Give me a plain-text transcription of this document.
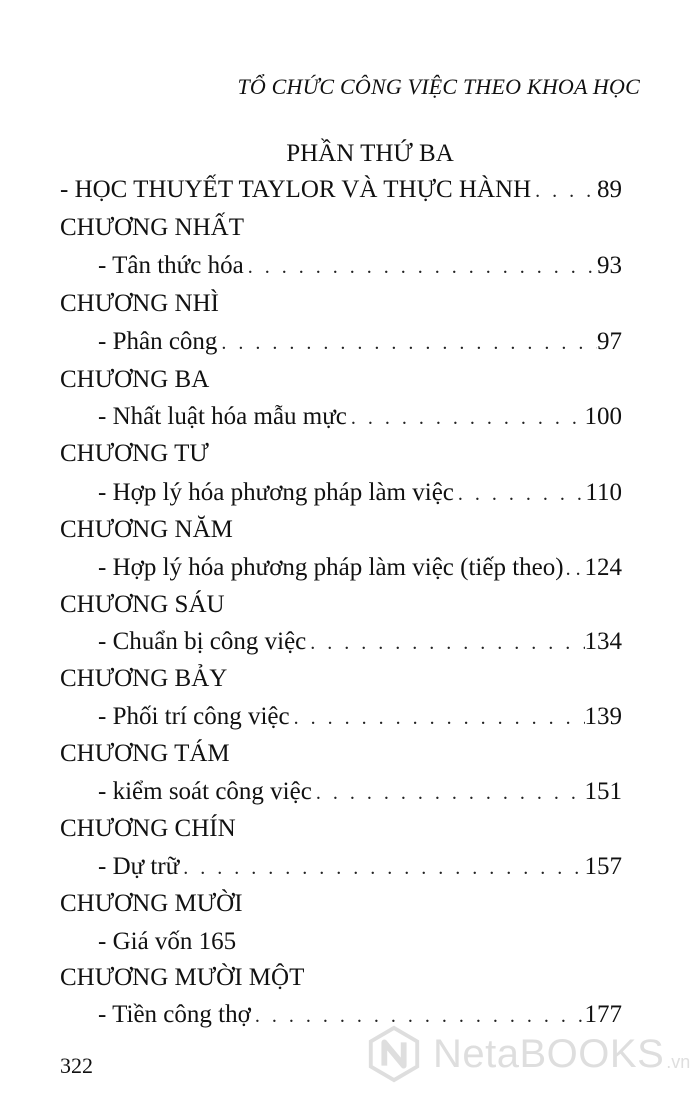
TỔ CHỨC CÔNG VIỆC THEO KHOA HỌC
PHẦN THỨ BA
- HỌC THUYẾT TAYLOR VÀ THỰC HÀNH . . .	89
CHƯƠNG NHẤT
- Tân thức hóa . . .	93
CHƯƠNG NHÌ
- Phân công . . .	97
CHƯƠNG BA
- Nhất luật hóa mẫu mực . . .	100
CHƯƠNG TƯ
- Hợp lý hóa phương pháp làm việc . . .	110
CHƯƠNG NĂM
- Hợp lý hóa phương pháp làm việc (tiếp theo) . . . 124
CHƯƠNG SÁU
- Chuẩn bị công việc . . .	134
CHƯƠNG BẢY
- Phối trí công việc . . .	139
CHƯƠNG TÁM
- kiểm soát công việc . . .	151
CHƯƠNG CHÍN
- Dự trữ . . .	157
CHƯƠNG MƯỜI
- Giá vốn 165
CHƯƠNG MƯỜI MỘT
- Tiền công thợ . . .	177
322	NetaBOOKS .vn
